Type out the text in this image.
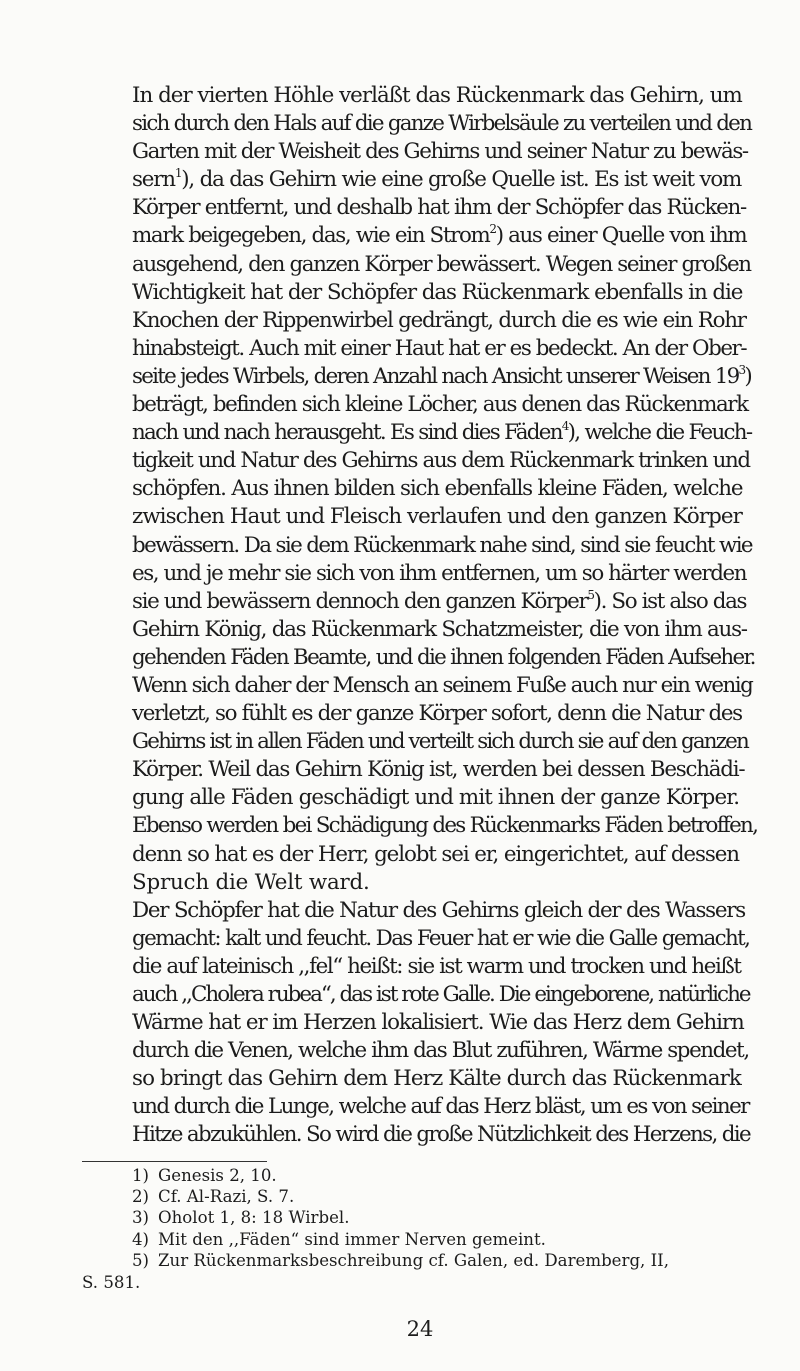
In der vierten Höhle verläßt das Rückenmark das Gehirn, um
sich durch den Hals auf die ganze Wirbelsäule zu verteilen und den
Garten mit der Weisheit des Gehirns und seiner Natur zu bewäs-
sern$^1$), da das Gehirn wie eine große Quelle ist. Es ist weit vom
Körper entfernt, und deshalb hat ihm der Schöpfer das Rücken-
mark beigegeben, das, wie ein Strom$^2$) aus einer Quelle von ihm
ausgehend, den ganzen Körper bewässert. Wegen seiner großen
Wichtigkeit hat der Schöpfer das Rückenmark ebenfalls in die
Knochen der Rippenwirbel gedrängt, durch die es wie ein Rohr
hinabsteigt. Auch mit einer Haut hat er es bedeckt. An der Ober-
seite jedes Wirbels, deren Anzahl nach Ansicht unserer Weisen $19^3$)
beträgt, befinden sich kleine Löcher, aus denen das Rückenmark
nach und nach herausgeht. Es sind dies Fäden$^4$), welche die Feuch-
tigkeit und Natur des Gehirns aus dem Rückenmark trinken und
schöpfen. Aus ihnen bilden sich ebenfalls kleine Fäden, welche
zwischen Haut und Fleisch verlaufen und den ganzen Körper
bewässern. Da sie dem Rückenmark nahe sind, sind sie feucht wie
es, und je mehr sie sich von ihm entfernen, um so härter werden
sie und bewässern dennoch den ganzen Körper$^5$). So ist also das
Gehirn König, das Rückenmark Schatzmeister, die von ihm aus-
gehenden Fäden Beamte, und die ihnen folgenden Fäden Aufseher.
Wenn sich daher der Mensch an seinem Fuße auch nur ein wenig
verletzt, so fühlt es der ganze Körper sofort, denn die Natur des
Gehirns ist in allen Fäden und verteilt sich durch sie auf den ganzen
Körper. Weil das Gehirn König ist, werden bei dessen Beschädi-
gung alle Fäden geschädigt und mit ihnen der ganze Körper.
Ebenso werden bei Schädigung des Rückenmarks Fäden betroffen,
denn so hat es der Herr, gelobt sei er, eingerichtet, auf dessen
Spruch die Welt ward.

Der Schöpfer hat die Natur des Gehirns gleich der des Wassers
gemacht: kalt und feucht. Das Feuer hat er wie die Galle gemacht,
die auf lateinisch ,,fel“ heißt: sie ist warm und trocken und heißt
auch ,,Cholera rubea“, das ist rote Galle. Die eingeborene, natürliche
Wärme hat er im Herzen lokalisiert. Wie das Herz dem Gehirn
durch die Venen, welche ihm das Blut zuführen, Wärme spendet,
so bringt das Gehirn dem Herz Kälte durch das Rückenmark
und durch die Lunge, welche auf das Herz bläst, um es von seiner
Hitze abzukühlen. So wird die große Nützlichkeit des Herzens, die

1) Genesis 2, 10.
2) Cf. Al-Razi, S. 7.
3) Oholot 1, 8: 18 Wirbel.
4) Mit den ,,Fäden“ sind immer Nerven gemeint.
5) Zur Rückenmarksbeschreibung cf. Galen, ed. Daremberg, II,
S. 581.
24
